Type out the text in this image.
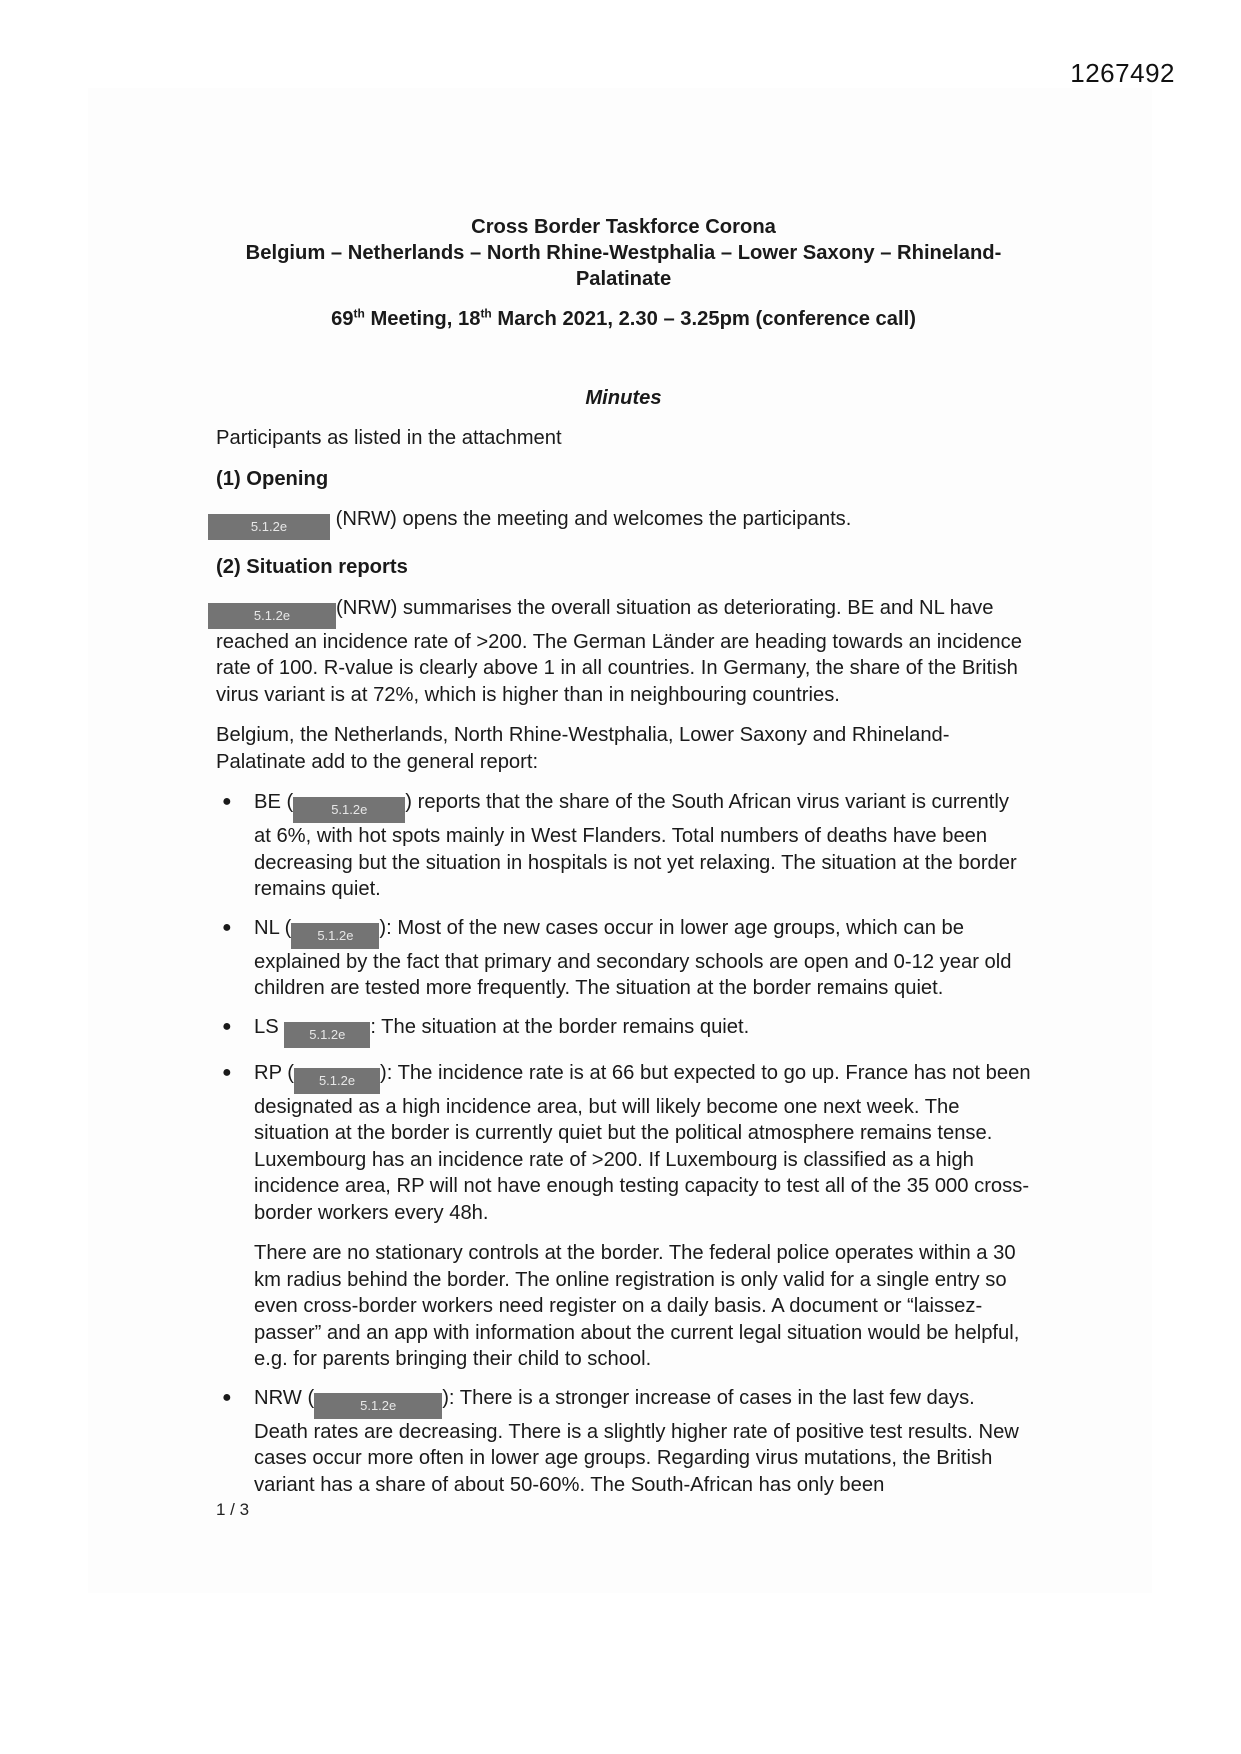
1267492
Cross Border Taskforce Corona
Belgium – Netherlands – North Rhine-Westphalia – Lower Saxony – Rhineland-
Palatinate
69th Meeting, 18th March 2021, 2.30 – 3.25pm (conference call)
Minutes

Participants as listed in the attachment

(1) Opening

5.1.2e (NRW) opens the meeting and welcomes the participants.

(2) Situation reports

5.1.2e (NRW) summarises the overall situation as deteriorating. BE and NL have reached an incidence rate of >200. The German Länder are heading towards an incidence rate of 100. R-value is clearly above 1 in all countries. In Germany, the share of the British virus variant is at 72%, which is higher than in neighbouring countries.

Belgium, the Netherlands, North Rhine-Westphalia, Lower Saxony and Rhineland-Palatinate add to the general report:

● BE (	5.1.2e ) reports that the share of the South African virus variant is currently at 6%, with hot spots mainly in West Flanders. Total numbers of deaths have been decreasing but the situation in hospitals is not yet relaxing. The situation at the border remains quiet.
● NL ( 5.1.2e ): Most of the new cases occur in lower age groups, which can be explained by the fact that primary and secondary schools are open and 0-12 year old children are tested more frequently. The situation at the border remains quiet.
● LS 5.1.2e : The situation at the border remains quiet.
● RP ( 5.1.2e ): The incidence rate is at 66 but expected to go up. France has not been designated as a high incidence area, but will likely become one next week. The situation at the border is currently quiet but the political atmosphere remains tense. Luxembourg has an incidence rate of >200. If Luxembourg is classified as a high incidence area, RP will not have enough testing capacity to test all of the 35 000 cross-border workers every 48h.

There are no stationary controls at the border. The federal police operates within a 30 km radius behind the border. The online registration is only valid for a single entry so even cross-border workers need register on a daily basis. A document or “laissez-passer” and an app with information about the current legal situation would be helpful, e.g. for parents bringing their child to school.

● NRW (	5.1.2e ): There is a stronger increase of cases in the last few days. Death rates are decreasing. There is a slightly higher rate of positive test results. New cases occur more often in lower age groups. Regarding virus mutations, the British variant has a share of about 50-60%. The South-African has only been
1 / 3
